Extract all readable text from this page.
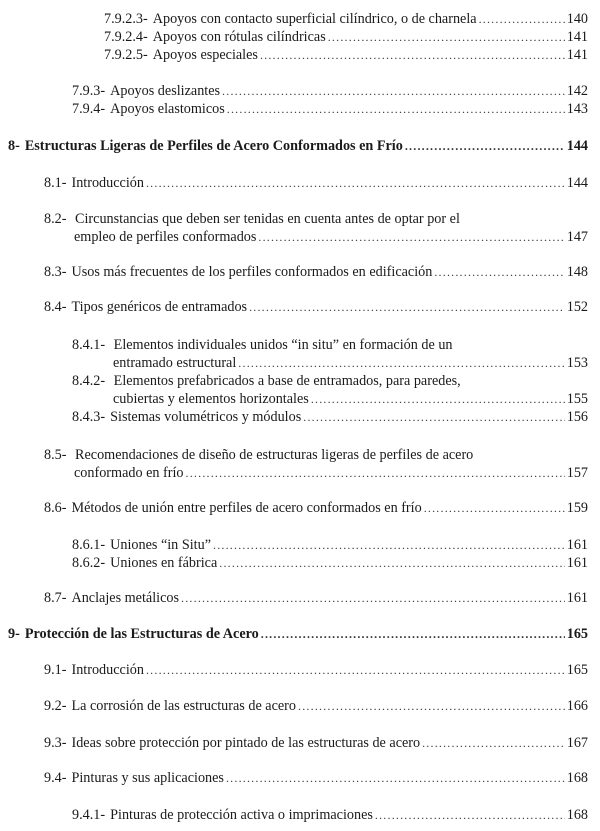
7.9.2.3- Apoyos con contacto superficial cilíndrico, o de charnela .....	140
7.9.2.4- Apoyos con rótulas cilíndricas .....	141
7.9.2.5- Apoyos especiales .....	141
7.9.3- Apoyos deslizantes .....	142
7.9.4- Apoyos elastomicos .....	143
8- Estructuras Ligeras de Perfiles de Acero Conformados en Frío .....	144
8.1- Introducción .....	144
8.2- Circunstancias que deben ser tenidas en cuenta antes de optar por el
empleo de perfiles conformados .....	147
8.3- Usos más frecuentes de los perfiles conformados en edificación .....	148
8.4- Tipos genéricos de entramados .....	152
8.4.1- Elementos individuales unidos “in situ” en formación de un
entramado estructural .....	153
8.4.2- Elementos prefabricados a base de entramados, para paredes,
cubiertas y elementos horizontales .....	155
8.4.3- Sistemas volumétricos y módulos .....	156
8.5- Recomendaciones de diseño de estructuras ligeras de perfiles de acero
conformado en frío .....	157
8.6- Métodos de unión entre perfiles de acero conformados en frío .....	159
8.6.1- Uniones “in Situ” .....	161
8.6.2- Uniones en fábrica .....	161
8.7- Anclajes metálicos .....	161
9- Protección de las Estructuras de Acero .....	165
9.1- Introducción .....	165
9.2- La corrosión de las estructuras de acero .....	166
9.3- Ideas sobre protección por pintado de las estructuras de acero .....	167
9.4- Pinturas y sus aplicaciones .....	168
9.4.1- Pinturas de protección activa o imprimaciones .....	168
